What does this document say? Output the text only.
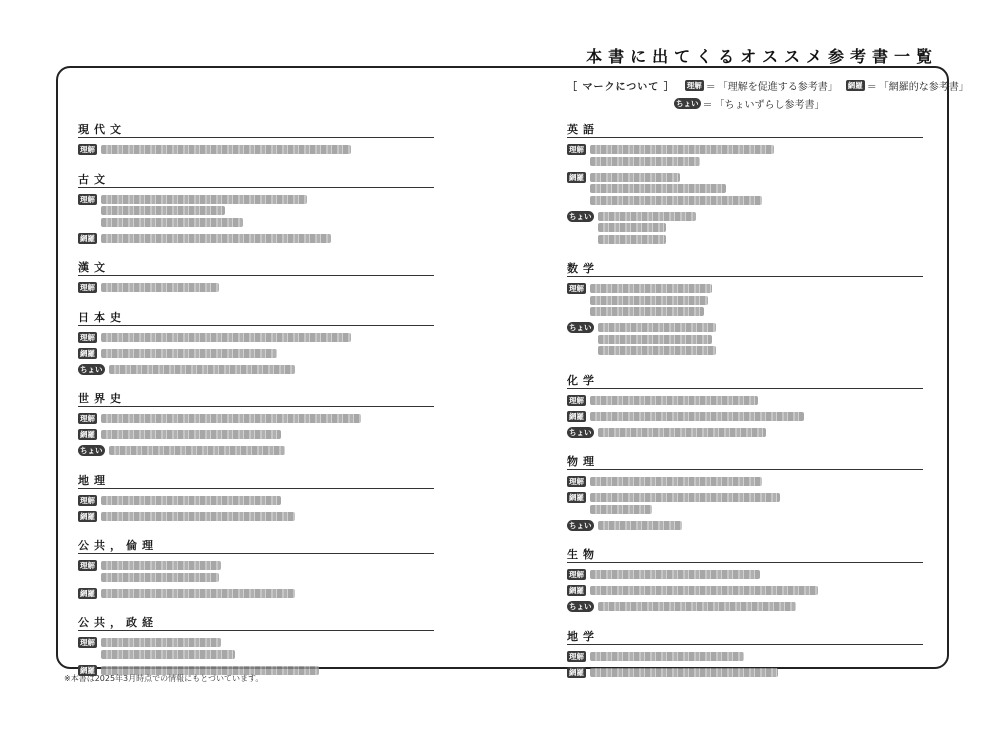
本書に出てくるオススメ参考書一覧
［ マークについて ］ 理解 ＝ 「理解を促進する参考書」 網羅 ＝ 「網羅的な参考書」
ちょい ＝ 「ちょいずらし参考書」
現代文
理解
古文
理解
網羅
漢文
理解
日本史
理解
網羅
ちょい
世界史
理解
網羅
ちょい
地理
理解
網羅
公共，倫理
理解
網羅
公共，政経
理解
網羅
英語
理解
網羅
ちょい
数学
理解
ちょい
化学
理解
網羅
ちょい
物理
理解
網羅
ちょい
生物
理解
網羅
ちょい
地学
理解
網羅
※本書は2025年3月時点での情報にもとづいています。
